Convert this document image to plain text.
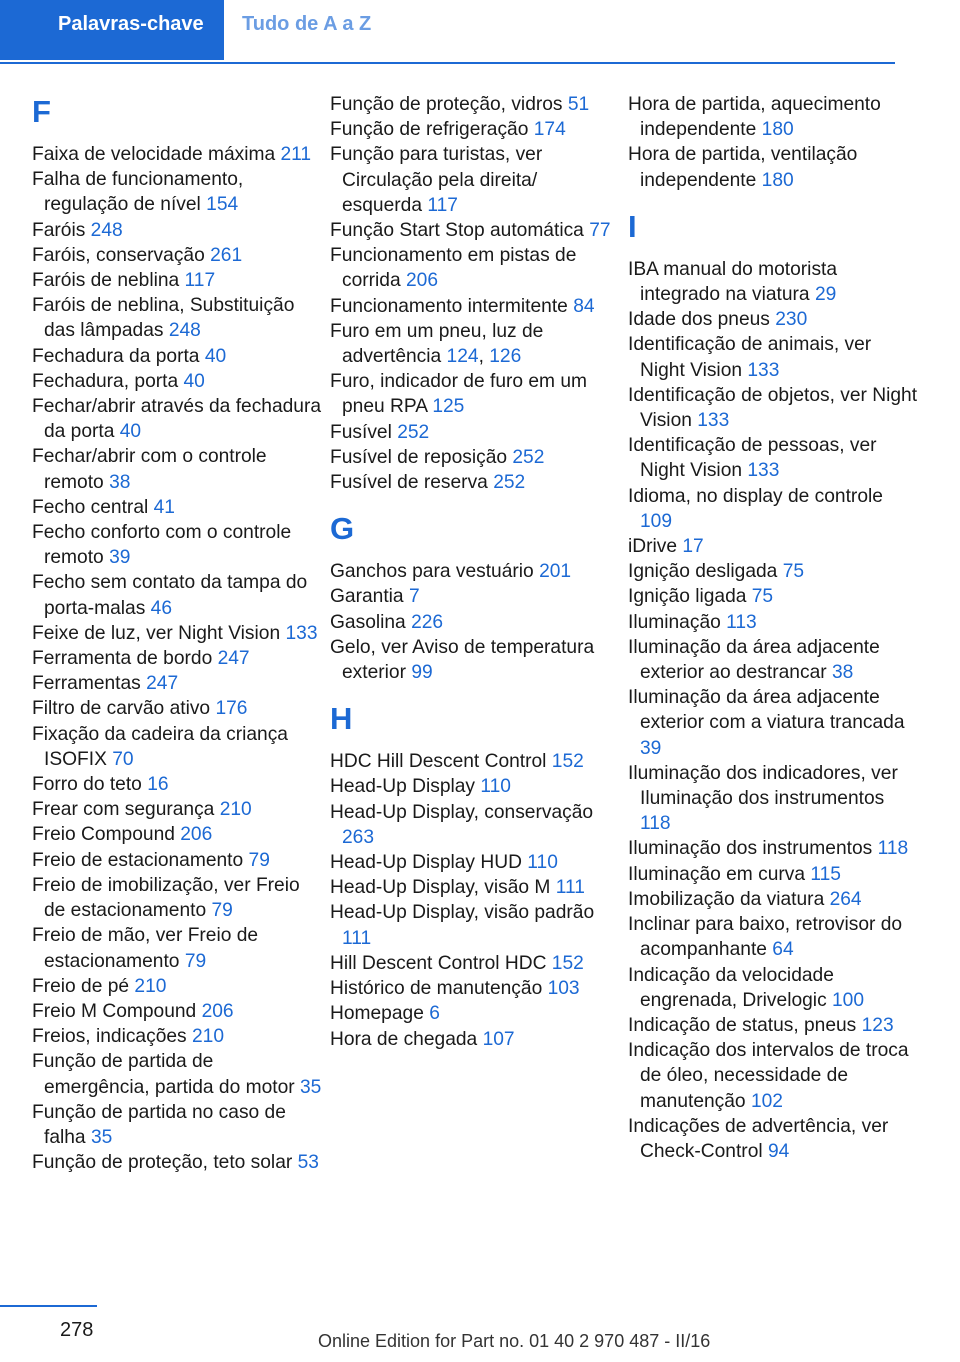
Palavras-chave	Tudo de A a Z
F

Faixa de velocidade máxima 211

Falha de funcionamento, regulação de nível 154

Faróis 248

Faróis, conservação 261

Faróis de neblina 117

Faróis de neblina, Substituição das lâmpadas 248

Fechadura da porta 40

Fechadura, porta 40

Fechar/abrir através da fechadura da porta 40

Fechar/abrir com o controle remoto 38

Fecho central 41

Fecho conforto com o controle remoto 39

Fecho sem contato da tampa do porta-malas 46

Feixe de luz, ver Night Vision 133

Ferramenta de bordo 247

Ferramentas 247

Filtro de carvão ativo 176

Fixação da cadeira da criança ISOFIX 70

Forro do teto 16

Frear com segurança 210

Freio Compound 206

Freio de estacionamento 79

Freio de imobilização, ver Freio de estacionamento 79

Freio de mão, ver Freio de estacionamento 79

Freio de pé 210

Freio M Compound 206

Freios, indicações 210

Função de partida de emergência, partida do motor 35

Função de partida no caso de falha 35

Função de proteção, teto solar 53

Função de proteção, vidros 51

Função de refrigeração 174

Função para turistas, ver Circulação pela direita/ esquerda 117

Função Start Stop automática 77

Funcionamento em pistas de corrida 206

Funcionamento intermitente 84

Furo em um pneu, luz de advertência 124, 126

Furo, indicador de furo em um pneu RPA 125

Fusível 252

Fusível de reposição 252

Fusível de reserva 252

G

Ganchos para vestuário 201

Garantia 7

Gasolina 226

Gelo, ver Aviso de temperatura exterior 99

H

HDC Hill Descent Control 152

Head-Up Display 110

Head-Up Display, conservação 263

Head-Up Display HUD 110

Head-Up Display, visão M 111

Head-Up Display, visão padrão 111

Hill Descent Control HDC 152

Histórico de manutenção 103

Homepage 6

Hora de chegada 107

Hora de partida, aquecimento independente 180

Hora de partida, ventilação independente 180

I

IBA manual do motorista integrado na viatura 29

Idade dos pneus 230

Identificação de animais, ver Night Vision 133

Identificação de objetos, ver Night Vision 133

Identificação de pessoas, ver Night Vision 133

Idioma, no display de controle 109

iDrive 17

Ignição desligada 75

Ignição ligada 75

Iluminação 113

Iluminação da área adjacente exterior ao destrancar 38

Iluminação da área adjacente exterior com a viatura trancada 39

Iluminação dos indicadores, ver Iluminação dos instrumentos 118

Iluminação dos instrumentos 118

Iluminação em curva 115

Imobilização da viatura 264

Inclinar para baixo, retrovisor do acompanhante 64

Indicação da velocidade engrenada, Drivelogic 100

Indicação de status, pneus 123

Indicação dos intervalos de troca de óleo, necessidade de manutenção 102

Indicações de advertência, ver Check-Control 94

278	Online Edition for Part no. 01 40 2 970 487 - II/16
